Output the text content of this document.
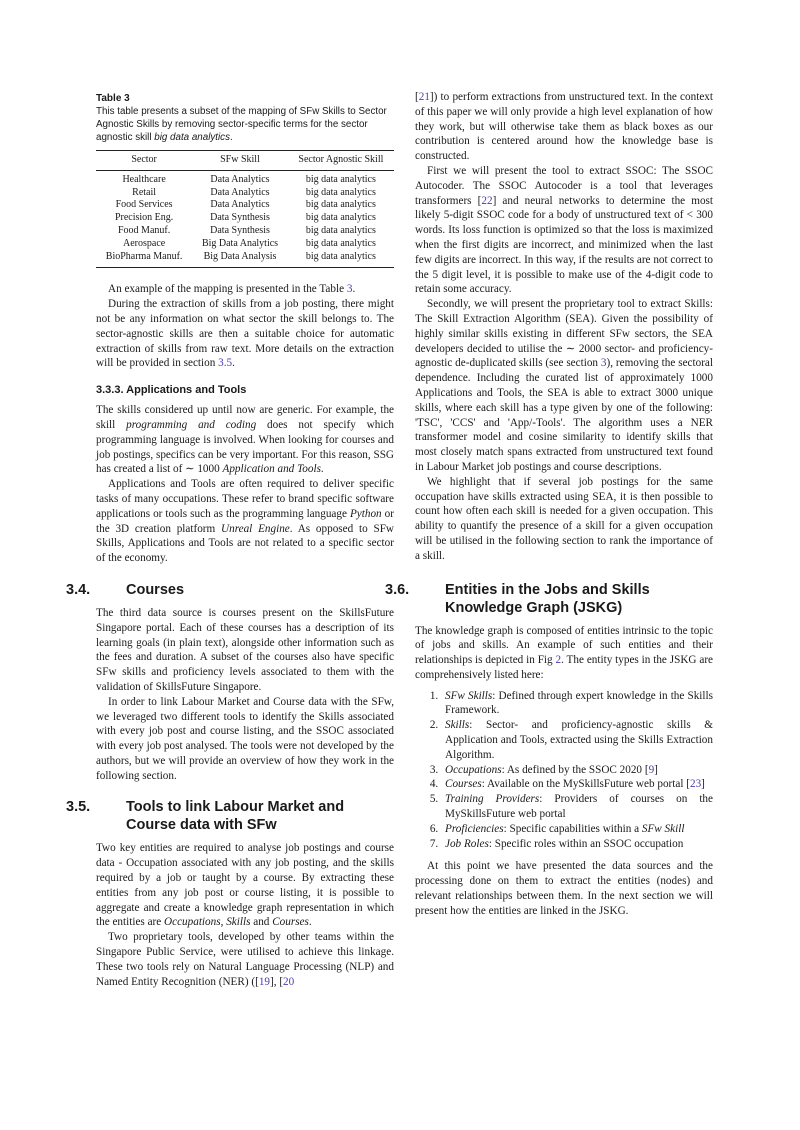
Table 3
This table presents a subset of the mapping of SFw Skills to Sector Agnostic Skills by removing sector-specific terms for the sector agnostic skill big data analytics.
Sector	SFw Skill	Sector Agnostic Skill
Healthcare	Data Analytics	big data analytics
Retail	Data Analytics	big data analytics
Food Services	Data Analytics	big data analytics
Precision Eng.	Data Synthesis	big data analytics
Food Manuf.	Data Synthesis	big data analytics
Aerospace	Big Data Analytics	big data analytics
BioPharma Manuf.	Big Data Analysis	big data analytics

An example of the mapping is presented in the Table 3.

During the extraction of skills from a job posting, there might not be any information on what sector the skill belongs to. The sector-agnostic skills are then a suitable choice for automatic extraction of skills from raw text. More details on the extraction will be provided in section 3.5.

3.3.3. Applications and Tools

The skills considered up until now are generic. For example, the skill programming and coding does not specify which programming language is involved. When looking for courses and job postings, specifics can be very important. For this reason, SSG has created a list of ∼ 1000 Application and Tools.

Applications and Tools are often required to deliver specific tasks of many occupations. These refer to brand specific software applications or tools such as the programming language Python or the 3D creation platform Unreal Engine. As opposed to SFw Skills, Applications and Tools are not related to a specific sector of the economy.

3.4. Courses

The third data source is courses present on the SkillsFuture Singapore portal. Each of these courses has a description of its learning goals (in plain text), alongside other information such as the fees and duration. A subset of the courses also have specific SFw skills and proficiency levels associated to them with the validation of SkillsFuture Singapore.

In order to link Labour Market and Course data with the SFw, we leveraged two different tools to identify the Skills associated with every job post and course listing, and the SSOC associated with every job post analysed. The tools were not developed by the authors, but we will provide an overview of how they work in the following section.

3.5. Tools to link Labour Market and Course data with SFw

Two key entities are required to analyse job postings and course data - Occupation associated with any job posting, and the skills required by a job or taught by a course. By extracting these entities from any job post or course listing, it is possible to aggregate and create a knowledge graph representation in which the entities are Occupations, Skills and Courses.

Two proprietary tools, developed by other teams within the Singapore Public Service, were utilised to achieve this linkage. These two tools rely on Natural Language Processing (NLP) and Named Entity Recognition (NER) ([19], [20

[21]) to perform extractions from unstructured text. In the context of this paper we will only provide a high level explanation of how they work, but will otherwise take them as black boxes as our contribution is centered around how the knowledge base is constructed.

First we will present the tool to extract SSOC: The SSOC Autocoder. The SSOC Autocoder is a tool that leverages transformers [22] and neural networks to determine the most likely 5-digit SSOC code for a body of unstructured text of < 300 words. Its loss function is optimized so that the loss is maximized when the first digits are incorrect, and minimized when the last few digits are incorrect. In this way, if the results are not correct to the 5 digit level, it is possible to make use of the 4-digit code to retain some accuracy.

Secondly, we will present the proprietary tool to extract Skills: The Skill Extraction Algorithm (SEA). Given the possibility of highly similar skills existing in different SFw sectors, the SEA developers decided to utilise the ∼ 2000 sector- and proficiency-agnostic de-duplicated skills (see section 3), removing the sectoral dependence. Including the curated list of approximately 1000 Applications and Tools, the SEA is able to extract 3000 unique skills, where each skill has a type given by one of the following: 'TSC', 'CCS' and 'App/-Tools'. The algorithm uses a NER transformer model and cosine similarity to identify skills that most closely match spans extracted from unstructured text found in Labour Market job postings and course descriptions.

We highlight that if several job postings for the same occupation have skills extracted using SEA, it is then possible to count how often each skill is needed for a given occupation. This ability to quantify the presence of a skill for a given occupation will be utilised in the following section to rank the importance of a skill.

3.6. Entities in the Jobs and Skills Knowledge Graph (JSKG)

The knowledge graph is composed of entities intrinsic to the topic of jobs and skills. An example of such entities and their relationships is depicted in Fig 2. The entity types in the JSKG are comprehensively listed here:

1. SFw Skills: Defined through expert knowledge in the Skills Framework.
2. Skills: Sector- and proficiency-agnostic skills & Application and Tools, extracted using the Skills Extraction Algorithm.
3. Occupations: As defined by the SSOC 2020 [9]
4. Courses: Available on the MySkillsFuture web portal [23]
5. Training Providers: Providers of courses on the MySkillsFuture web portal
6. Proficiencies: Specific capabilities within a SFw Skill
7. Job Roles: Specific roles within an SSOC occupation

At this point we have presented the data sources and the processing done on them to extract the entities (nodes) and relevant relationships between them. In the next section we will present how the entities are linked in the JSKG.
